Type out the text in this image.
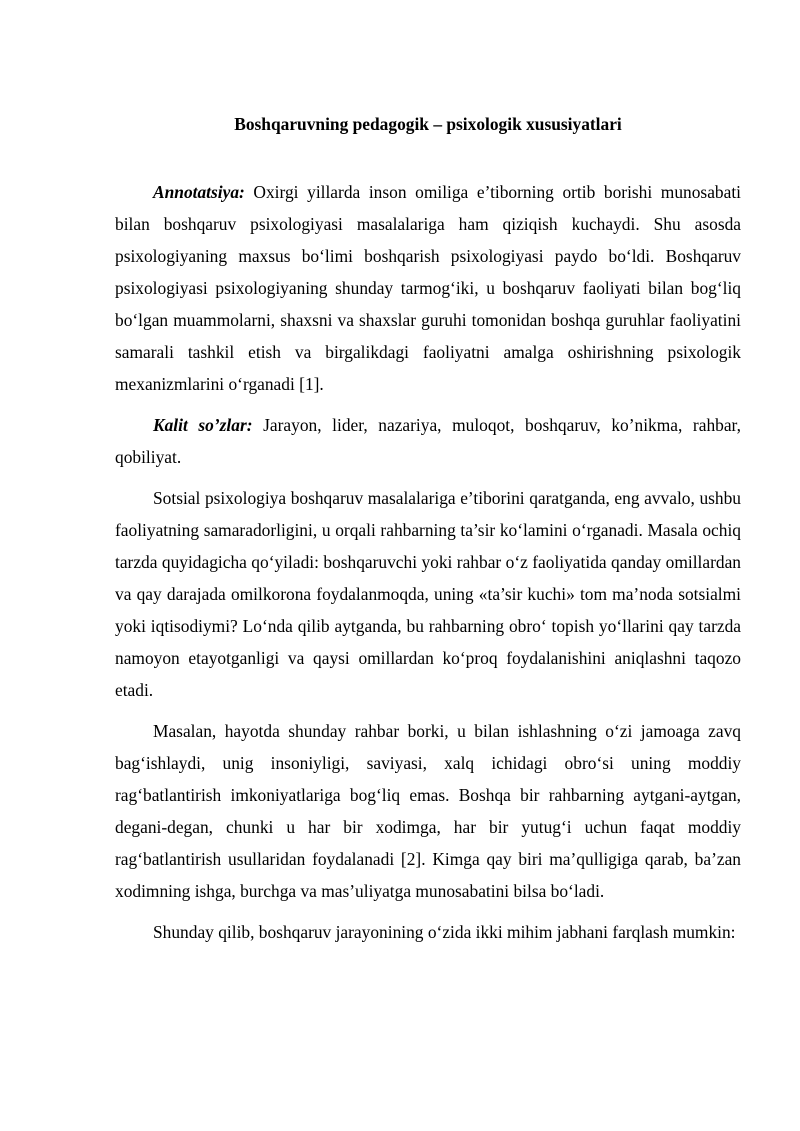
Boshqaruvning pedagogik – psixologik xususiyatlari

Annotatsiya: Oxirgi yillarda inson omiliga e’tiborning ortib borishi munosabati bilan boshqaruv psixologiyasi masalalariga ham qiziqish kuchaydi. Shu asosda psixologiyaning maxsus bo‘limi boshqarish psixologiyasi paydo bo‘ldi. Boshqaruv psixologiyasi psixologiyaning shunday tarmog‘iki, u boshqaruv faoliyati bilan bog‘liq bo‘lgan muammolarni, shaxsni va shaxslar guruhi tomonidan boshqa guruhlar faoliyatini samarali tashkil etish va birgalikdagi faoliyatni amalga oshirishning psixologik mexanizmlarini o‘rganadi [1].

Kalit so’zlar: Jarayon, lider, nazariya, muloqot, boshqaruv, ko’nikma, rahbar, qobiliyat.

Sotsial psixologiya boshqaruv masalalariga e’tiborini qaratganda, eng avvalo, ushbu faoliyatning samaradorligini, u orqali rahbarning ta’sir ko‘lamini o‘rganadi. Masala ochiq tarzda quyidagicha qo‘yiladi: boshqaruvchi yoki rahbar o‘z faoliyatida qanday omillardan va qay darajada omilkorona foydalanmoqda, uning «ta’sir kuchi» tom ma’noda sotsialmi yoki iqtisodiymi? Lo‘nda qilib aytganda, bu rahbarning obro‘ topish yo‘llarini qay tarzda namoyon etayotganligi va qaysi omillardan ko‘proq foydalanishini aniqlashni taqozo etadi.

Masalan, hayotda shunday rahbar borki, u bilan ishlashning o‘zi jamoaga zavq bag‘ishlaydi, unig insoniyligi, saviyasi, xalq ichidagi obro‘si uning moddiy rag‘batlantirish imkoniyatlariga bog‘liq emas. Boshqa bir rahbarning aytgani-aytgan, degani-degan, chunki u har bir xodimga, har bir yutug‘i uchun faqat moddiy rag‘batlantirish usullaridan foydalanadi [2]. Kimga qay biri ma’qulligiga qarab, ba’zan xodimning ishga, burchga va mas’uliyatga munosabatini bilsa bo‘ladi.

Shunday qilib, boshqaruv jarayonining o‘zida ikki mihim jabhani farqlash mumkin:
